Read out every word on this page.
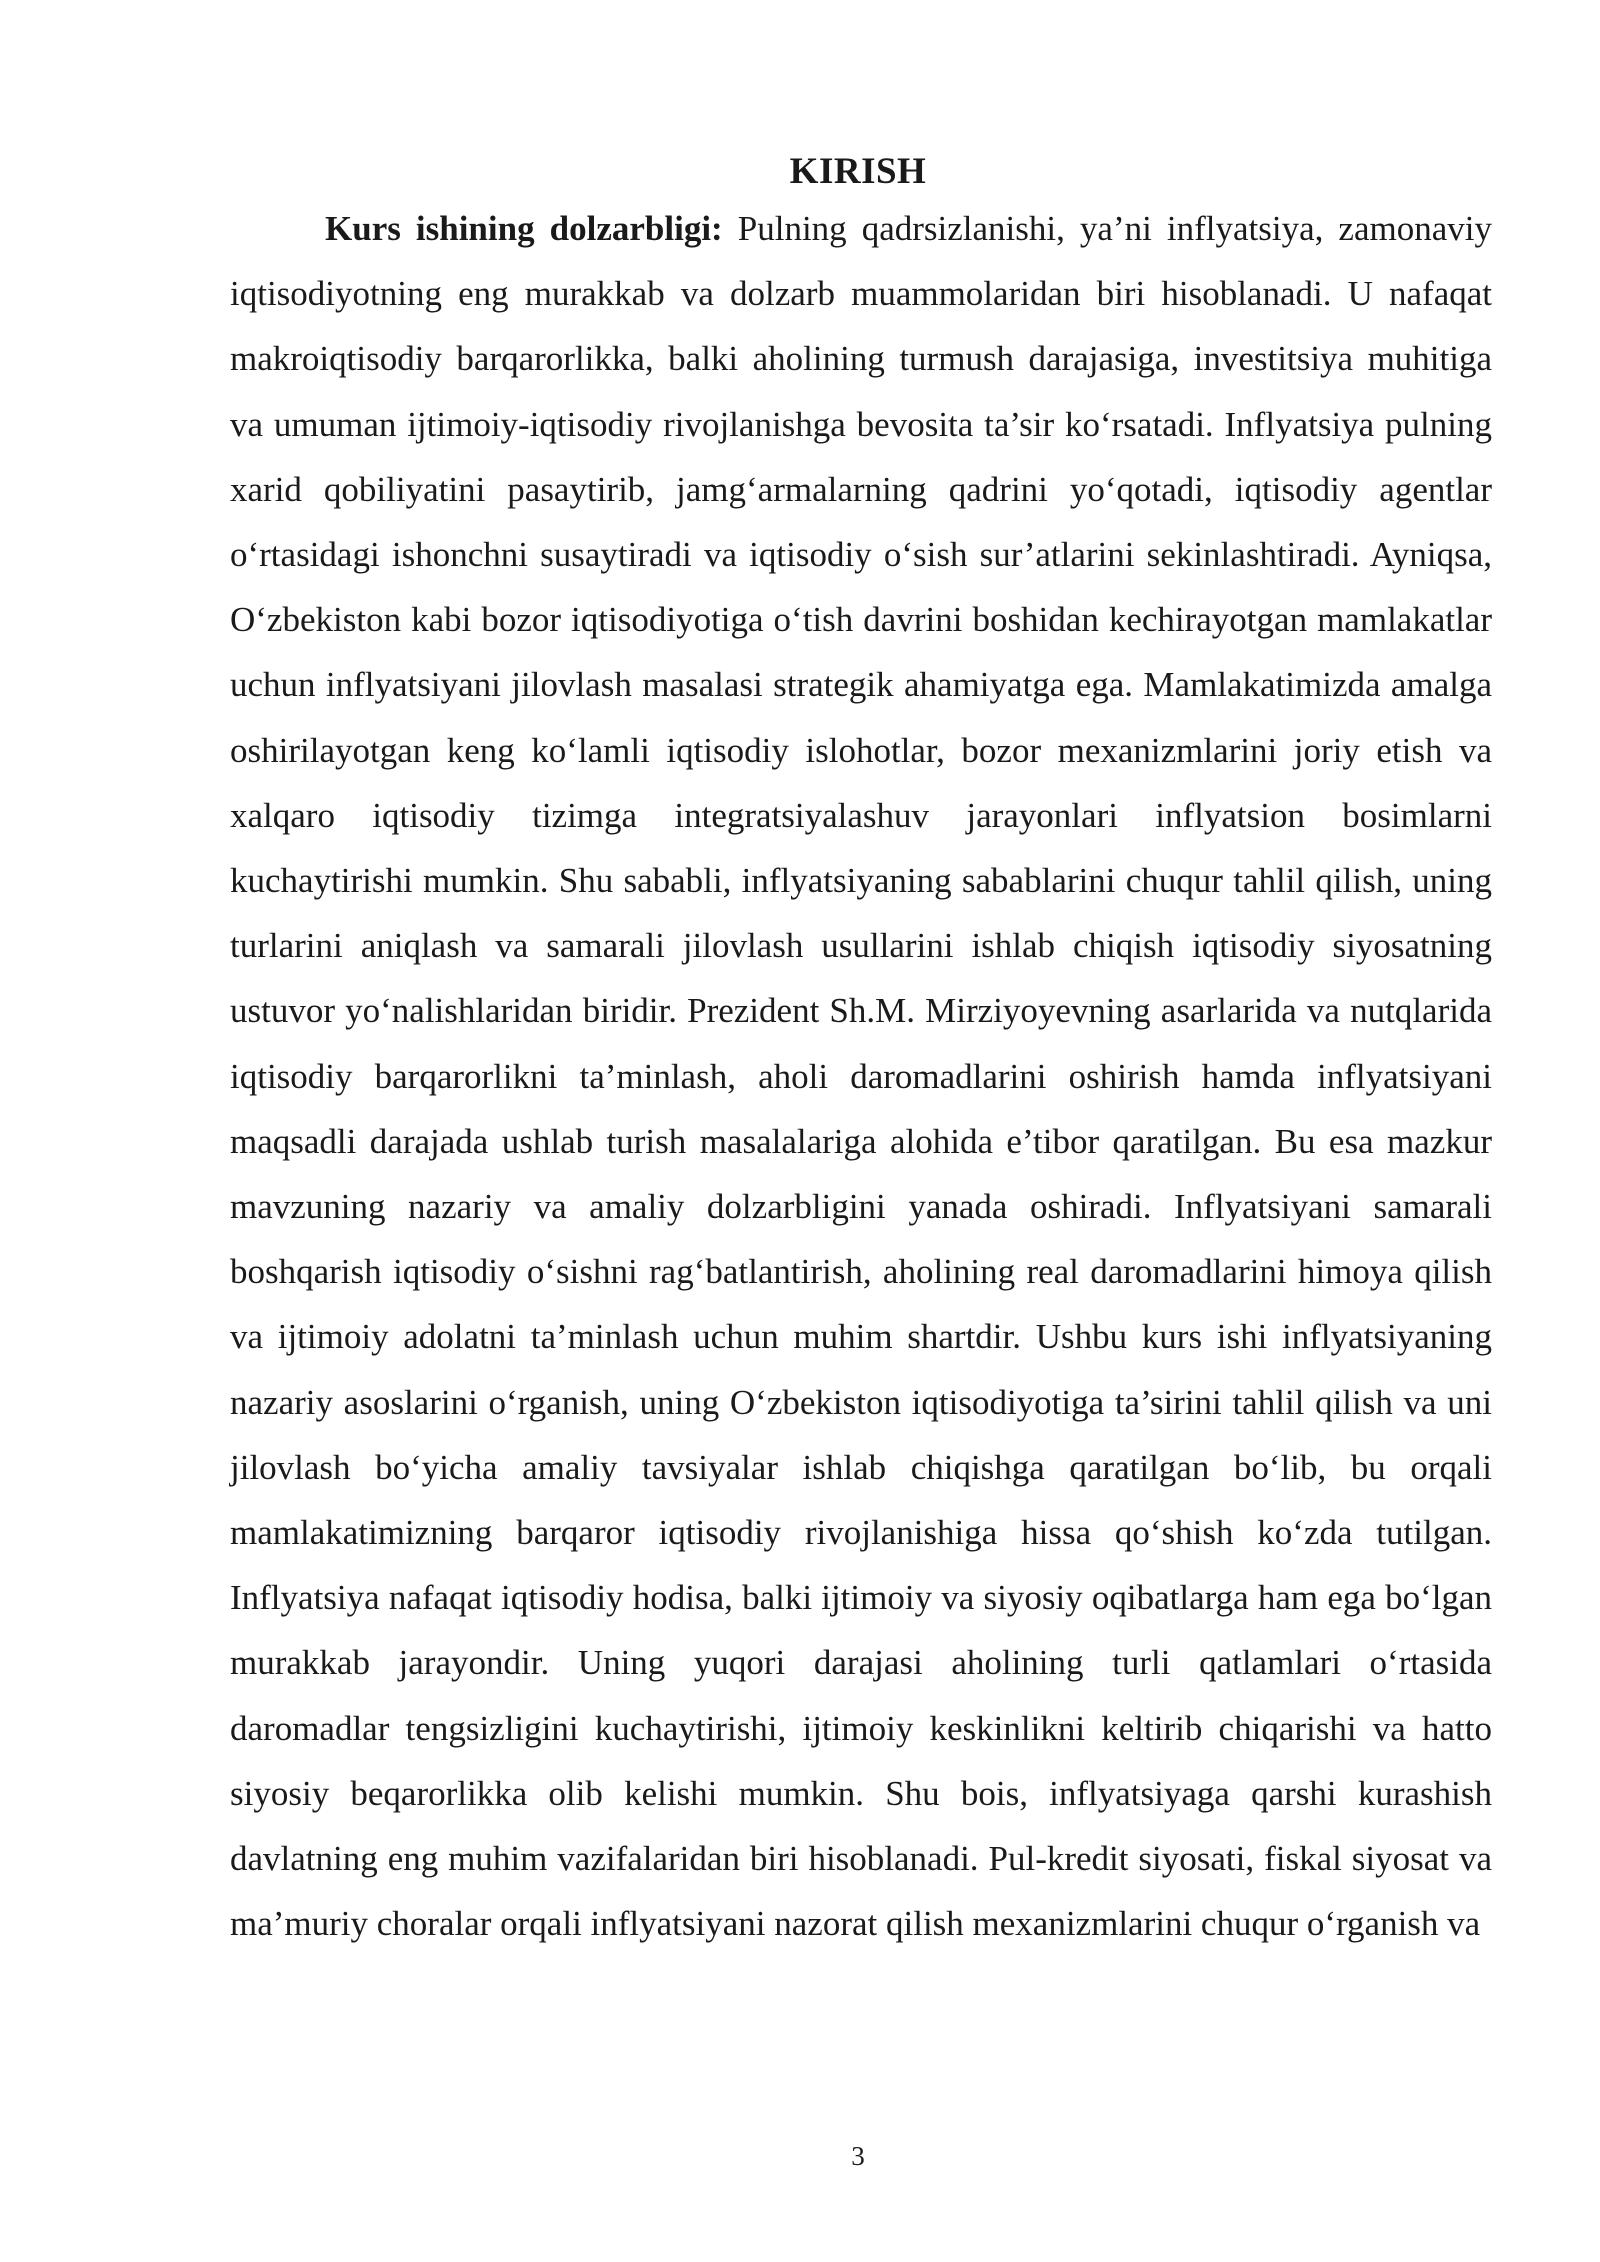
KIRISH

Kurs ishining dolzarbligi: Pulning qadrsizlanishi, ya’ni inflyatsiya, zamonaviy iqtisodiyotning eng murakkab va dolzarb muammolaridan biri hisoblanadi. U nafaqat makroiqtisodiy barqarorlikka, balki aholining turmush darajasiga, investitsiya muhitiga va umuman ijtimoiy-iqtisodiy rivojlanishga bevosita ta’sir ko‘rsatadi. Inflyatsiya pulning xarid qobiliyatini pasaytirib, jamg‘armalarning qadrini yo‘qotadi, iqtisodiy agentlar o‘rtasidagi ishonchni susaytiradi va iqtisodiy o‘sish sur’atlarini sekinlashtiradi. Ayniqsa, O‘zbekiston kabi bozor iqtisodiyotiga o‘tish davrini boshidan kechirayotgan mamlakatlar uchun inflyatsiyani jilovlash masalasi strategik ahamiyatga ega. Mamlakatimizda amalga oshirilayotgan keng ko‘lamli iqtisodiy islohotlar, bozor mexanizmlarini joriy etish va xalqaro iqtisodiy tizimga integratsiyalashuv jarayonlari inflyatsion bosimlarni kuchaytirishi mumkin. Shu sababli, inflyatsiyaning sabablarini chuqur tahlil qilish, uning turlarini aniqlash va samarali jilovlash usullarini ishlab chiqish iqtisodiy siyosatning ustuvor yo‘nalishlaridan biridir. Prezident Sh.M. Mirziyoyevning asarlarida va nutqlarida iqtisodiy barqarorlikni ta’minlash, aholi daromadlarini oshirish hamda inflyatsiyani maqsadli darajada ushlab turish masalalariga alohida e’tibor qaratilgan. Bu esa mazkur mavzuning nazariy va amaliy dolzarbligini yanada oshiradi. Inflyatsiyani samarali boshqarish iqtisodiy o‘sishni rag‘batlantirish, aholining real daromadlarini himoya qilish va ijtimoiy adolatni ta’minlash uchun muhim shartdir. Ushbu kurs ishi inflyatsiyaning nazariy asoslarini o‘rganish, uning O‘zbekiston iqtisodiyotiga ta’sirini tahlil qilish va uni jilovlash bo‘yicha amaliy tavsiyalar ishlab chiqishga qaratilgan bo‘lib, bu orqali mamlakatimizning barqaror iqtisodiy rivojlanishiga hissa qo‘shish ko‘zda tutilgan. Inflyatsiya nafaqat iqtisodiy hodisa, balki ijtimoiy va siyosiy oqibatlarga ham ega bo‘lgan murakkab jarayondir. Uning yuqori darajasi aholining turli qatlamlari o‘rtasida daromadlar tengsizligini kuchaytirishi, ijtimoiy keskinlikni keltirib chiqarishi va hatto siyosiy beqarorlikka olib kelishi mumkin. Shu bois, inflyatsiyaga qarshi kurashish davlatning eng muhim vazifalaridan biri hisoblanadi. Pul-kredit siyosati, fiskal siyosat va ma’muriy choralar orqali inflyatsiyani nazorat qilish mexanizmlarini chuqur o‘rganish va

3
